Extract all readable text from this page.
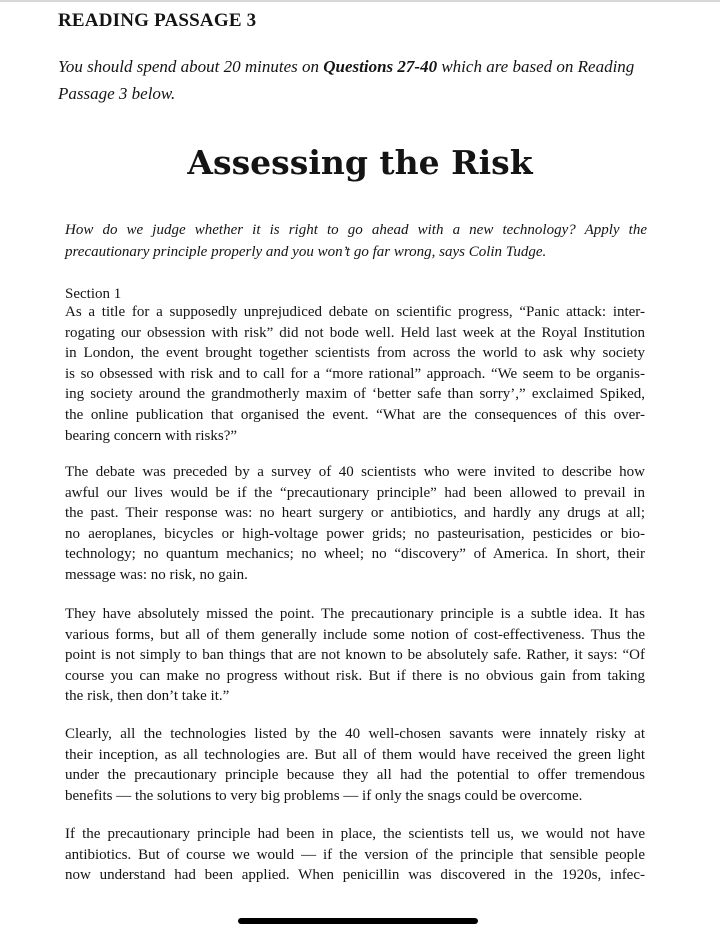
READING PASSAGE 3

You should spend about 20 minutes on Questions 27-40 which are based on Reading Passage 3 below.

Assessing the Risk

How do we judge whether it is right to go ahead with a new technology? Apply the precautionary principle properly and you won’t go far wrong, says Colin Tudge.

Section 1

As a title for a supposedly unprejudiced debate on scientific progress, “Panic attack: inter-
rogating our obsession with risk” did not bode well. Held last week at the Royal Institution
in London, the event brought together scientists from across the world to ask why society
is so obsessed with risk and to call for a “more rational” approach. “We seem to be organis-
ing society around the grandmotherly maxim of ‘better safe than sorry’,” exclaimed Spiked,
the online publication that organised the event. “What are the consequences of this over-
bearing concern with risks?”

The debate was preceded by a survey of 40 scientists who were invited to describe how
awful our lives would be if the “precautionary principle” had been allowed to prevail in
the past. Their response was: no heart surgery or antibiotics, and hardly any drugs at all;
no aeroplanes, bicycles or high-voltage power grids; no pasteurisation, pesticides or bio-
technology; no quantum mechanics; no wheel; no “discovery” of America. In short, their
message was: no risk, no gain.

They have absolutely missed the point. The precautionary principle is a subtle idea. It has
various forms, but all of them generally include some notion of cost-effectiveness. Thus the
point is not simply to ban things that are not known to be absolutely safe. Rather, it says: “Of
course you can make no progress without risk. But if there is no obvious gain from taking
the risk, then don’t take it.”

Clearly, all the technologies listed by the 40 well-chosen savants were innately risky at
their inception, as all technologies are. But all of them would have received the green light
under the precautionary principle because they all had the potential to offer tremendous
benefits — the solutions to very big problems — if only the snags could be overcome.

If the precautionary principle had been in place, the scientists tell us, we would not have
antibiotics. But of course we would — if the version of the principle that sensible people
now understand had been applied. When penicillin was discovered in the 1920s, infec-
